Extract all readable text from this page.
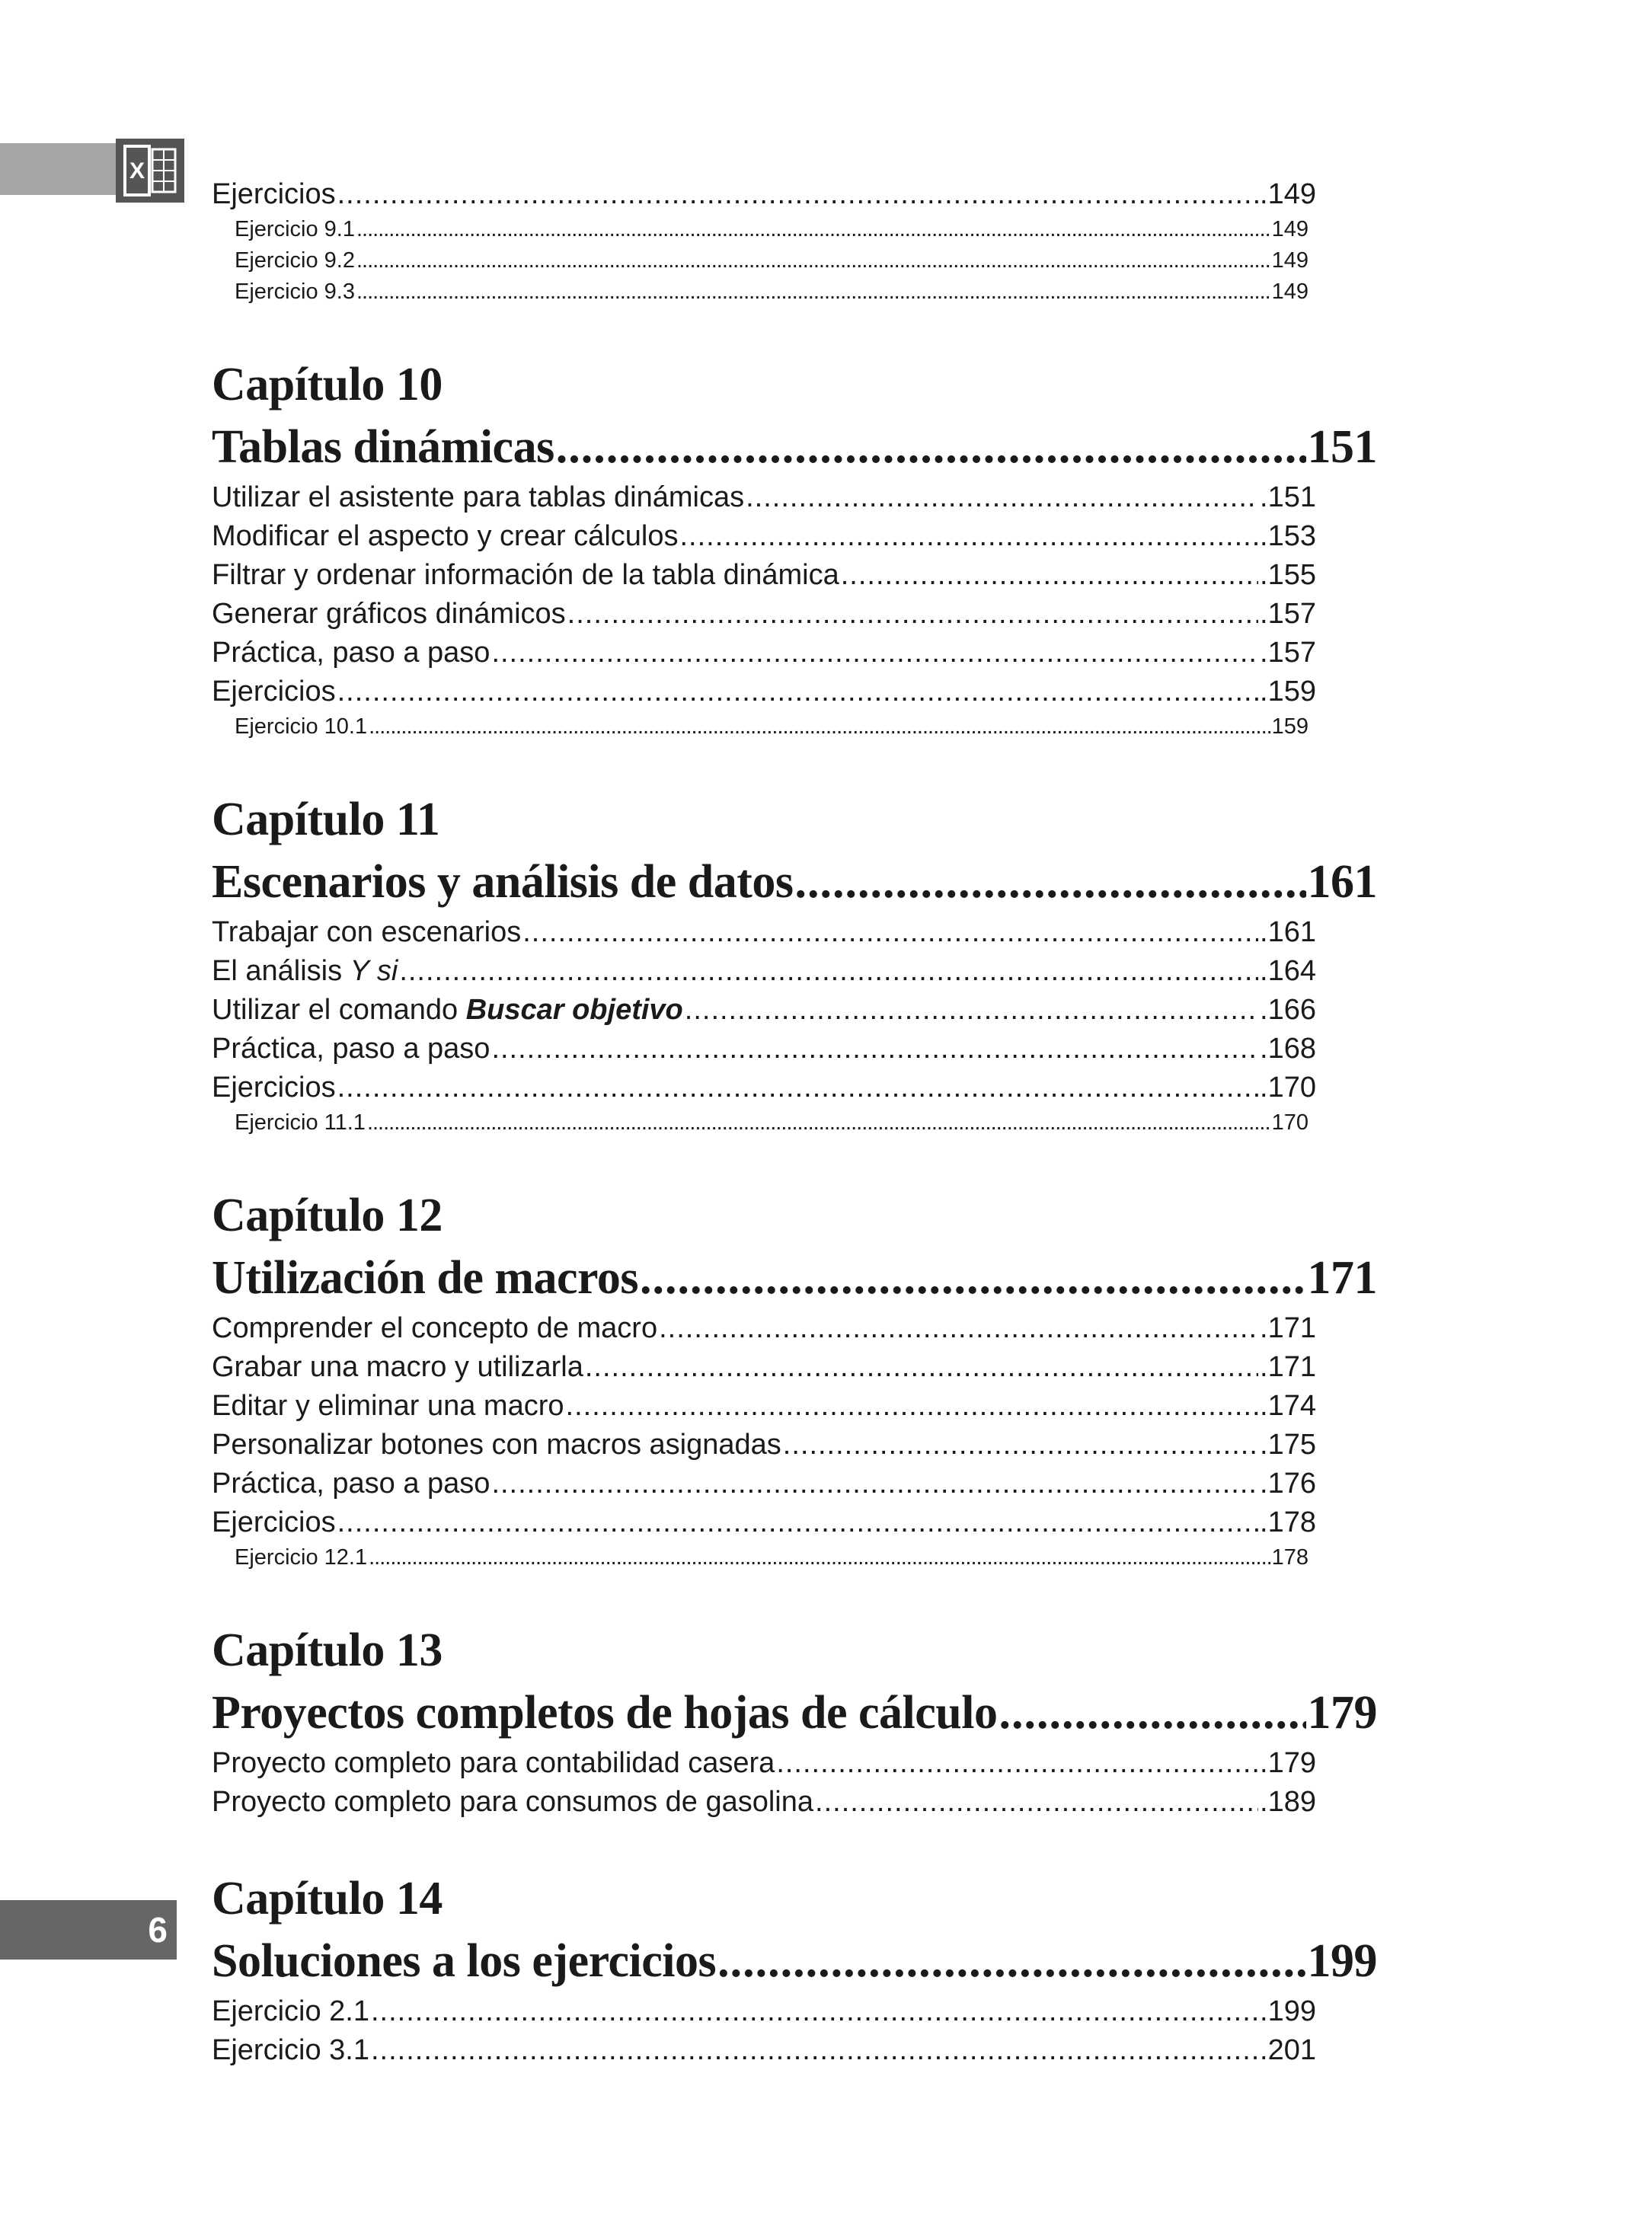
X
6
Ejercicios .....	. 149
Ejercicio 9.1 .....	149
Ejercicio 9.2 .....	149
Ejercicio 9.3 .....	149
Capítulo 10
Tablas dinámicas .....	151
Utilizar el asistente para tablas dinámicas .....	. 151
Modificar el aspecto y crear cálculos .....	. 153
Filtrar y ordenar información de la tabla dinámica .....	. 155
Generar gráficos dinámicos .....	. 157
Práctica, paso a paso .....	. 157
Ejercicios .....	. 159
Ejercicio 10.1 .....	159
Capítulo 11
Escenarios y análisis de datos .....	161
Trabajar con escenarios .....	. 161
El análisis Y si .....	. 164
Utilizar el comando Buscar objetivo .....	. 166
Práctica, paso a paso .....	. 168
Ejercicios .....	. 170
Ejercicio 11.1 .....	170
Capítulo 12
Utilización de macros .....	171
Comprender el concepto de macro .....	. 171
Grabar una macro y utilizarla .....	. 171
Editar y eliminar una macro .....	. 174
Personalizar botones con macros asignadas .....	. 175
Práctica, paso a paso .....	. 176
Ejercicios .....	. 178
Ejercicio 12.1 .....	178
Capítulo 13
Proyectos completos de hojas de cálculo .....	179
Proyecto completo para contabilidad casera .....	. 179
Proyecto completo para consumos de gasolina .....	. 189
Capítulo 14
Soluciones a los ejercicios .....	199
Ejercicio 2.1 .....	. 199
Ejercicio 3.1 .....	. 201
